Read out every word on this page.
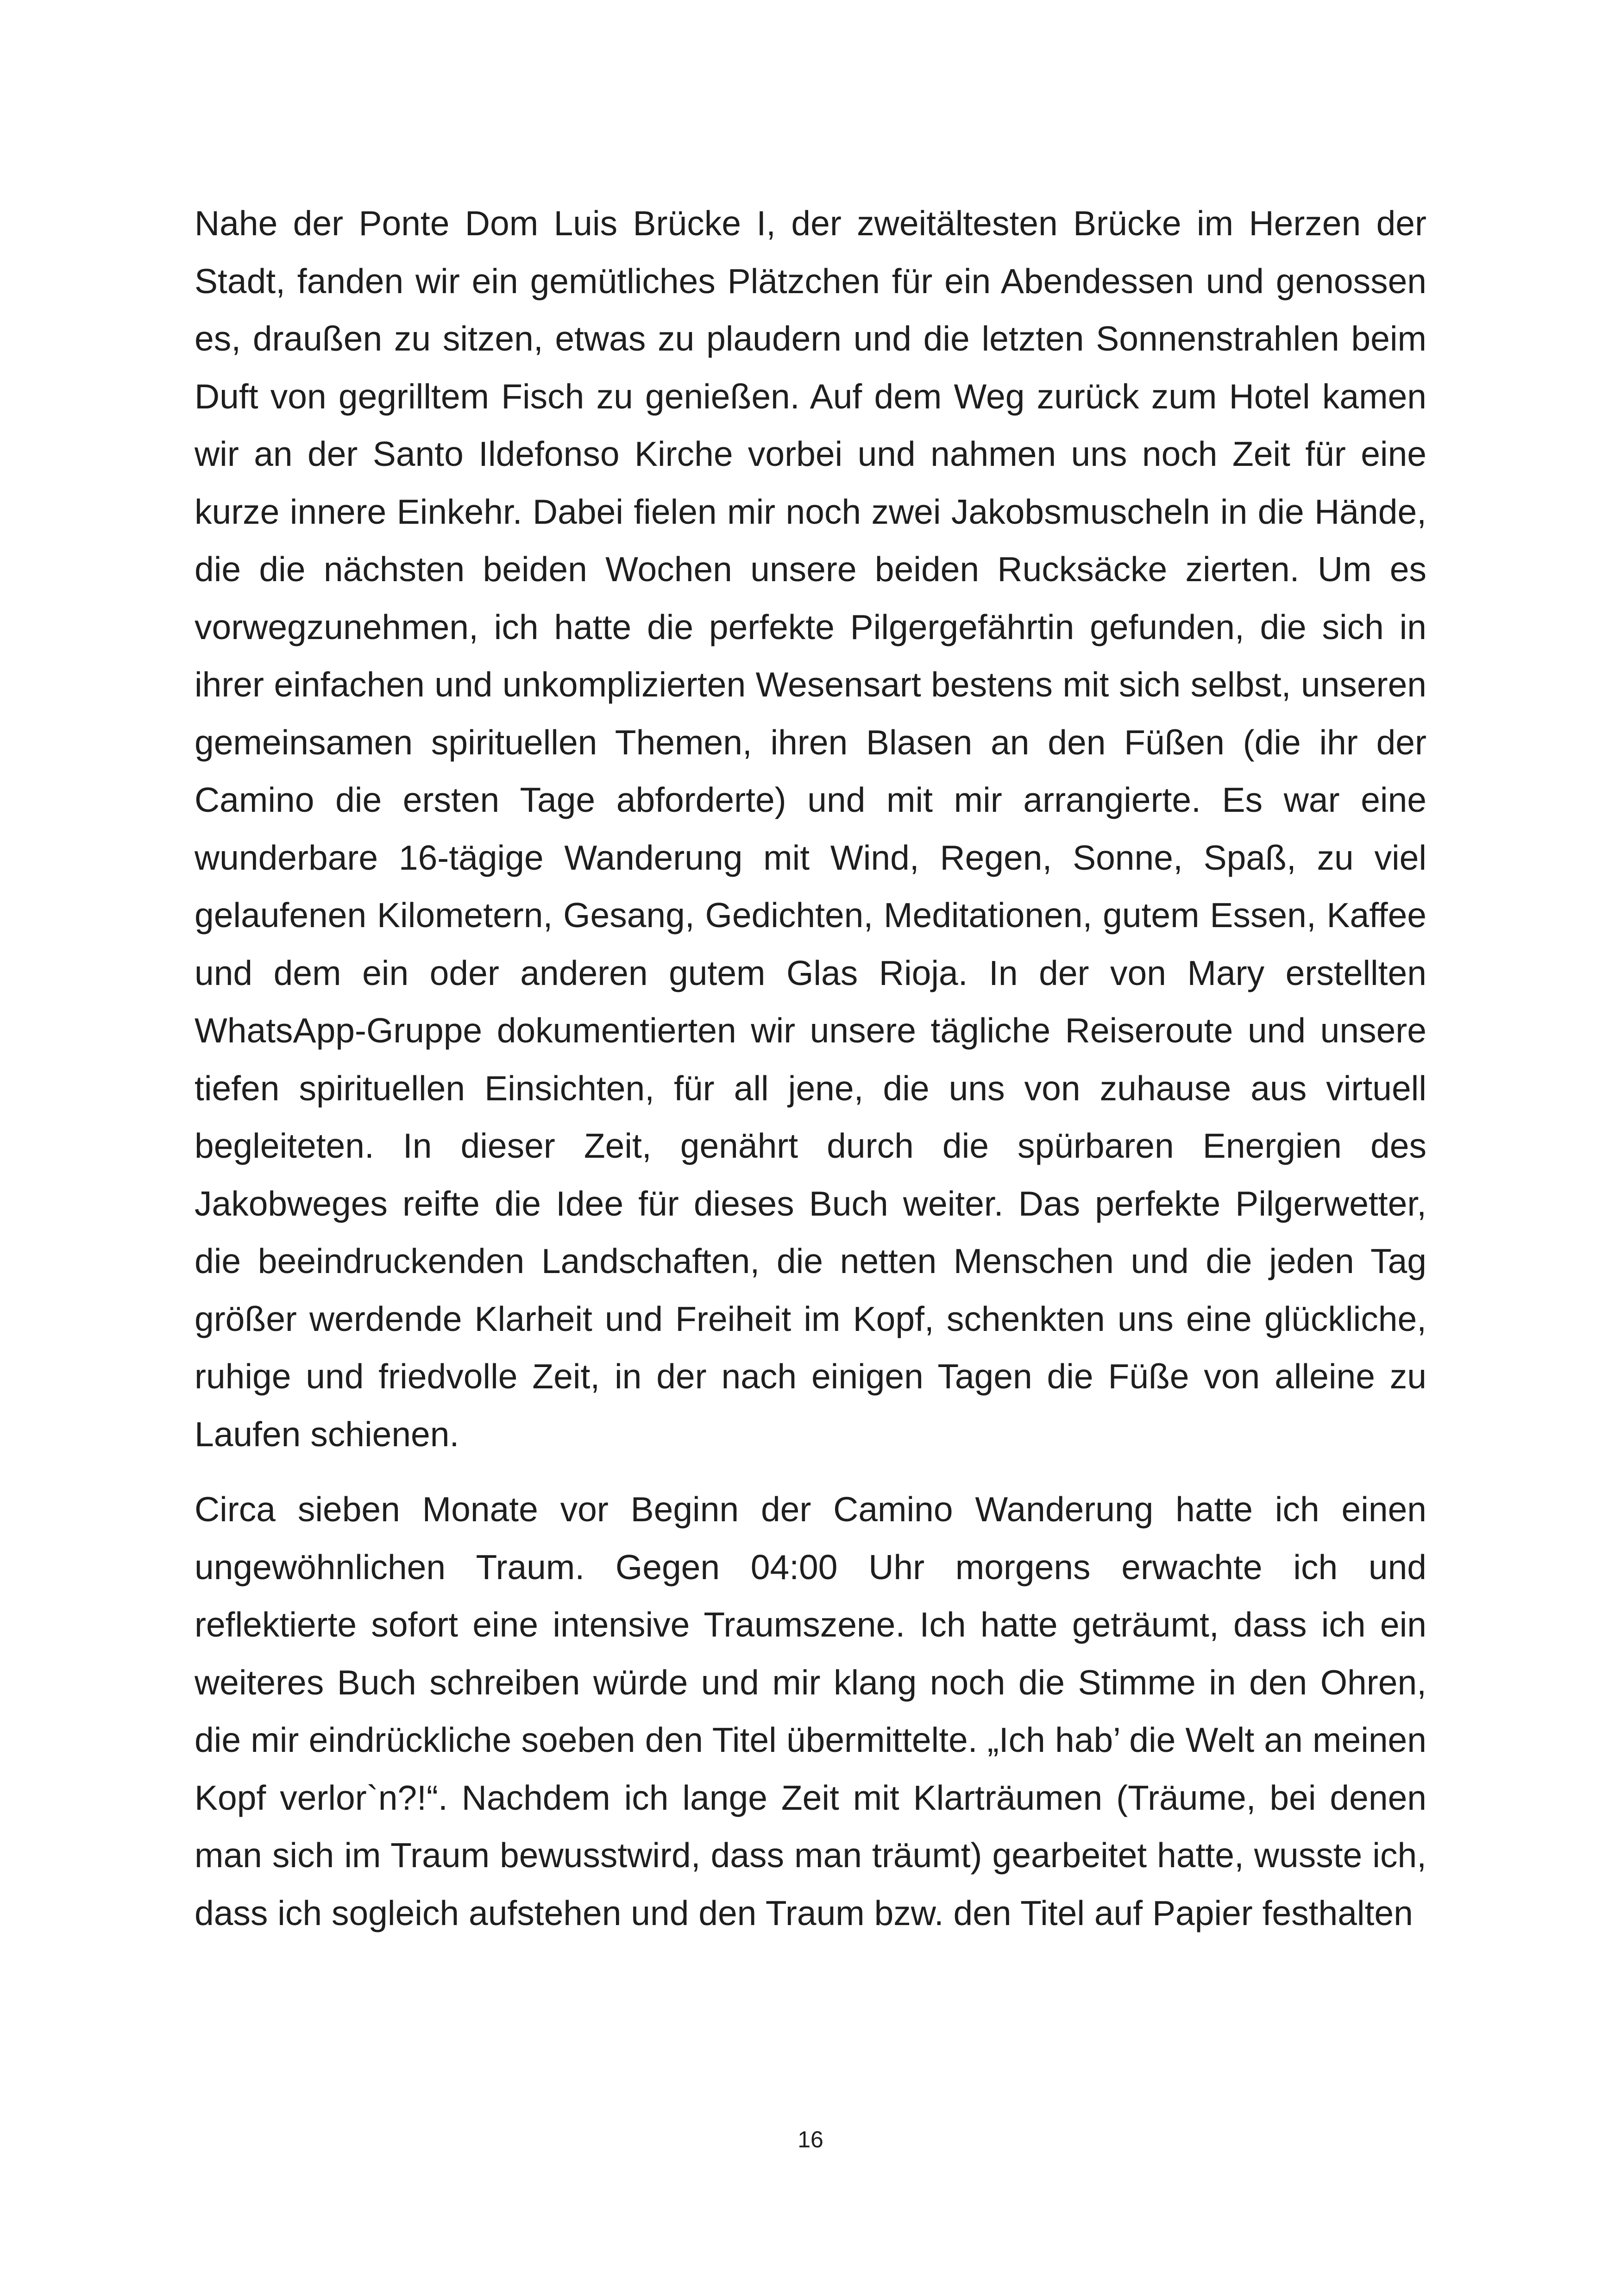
Nahe der Ponte Dom Luis Brücke I, der zweitältesten Brücke im Herzen der Stadt, fanden wir ein gemütliches Plätzchen für ein Abendessen und genossen es, draußen zu sitzen, etwas zu plaudern und die letzten Sonnenstrahlen beim Duft von gegrilltem Fisch zu genießen. Auf dem Weg zurück zum Hotel kamen wir an der Santo Ildefonso Kirche vorbei und nahmen uns noch Zeit für eine kurze innere Einkehr. Dabei fielen mir noch zwei Jakobsmuscheln in die Hände, die die nächsten beiden Wochen unsere beiden Rucksäcke zierten. Um es vorwegzunehmen, ich hatte die perfekte Pilgergefährtin gefunden, die sich in ihrer einfachen und unkomplizierten Wesensart bestens mit sich selbst, unseren gemeinsamen spirituellen Themen, ihren Blasen an den Füßen (die ihr der Camino die ersten Tage abforderte) und mit mir arrangierte. Es war eine wunderbare 16-tägige Wanderung mit Wind, Regen, Sonne, Spaß, zu viel gelaufenen Kilometern, Gesang, Gedichten, Meditationen, gutem Essen, Kaffee und dem ein oder anderen gutem Glas Rioja. In der von Mary erstellten WhatsApp-Gruppe dokumentierten wir unsere tägliche Reiseroute und unsere tiefen spirituellen Einsichten, für all jene, die uns von zuhause aus virtuell begleiteten. In dieser Zeit, genährt durch die spürbaren Energien des Jakobweges reifte die Idee für dieses Buch weiter. Das perfekte Pilgerwetter, die beeindruckenden Landschaften, die netten Menschen und die jeden Tag größer werdende Klarheit und Freiheit im Kopf, schenkten uns eine glückliche, ruhige und friedvolle Zeit, in der nach einigen Tagen die Füße von alleine zu Laufen schienen.

Circa sieben Monate vor Beginn der Camino Wanderung hatte ich einen ungewöhnlichen Traum. Gegen 04:00 Uhr morgens erwachte ich und reflektierte sofort eine intensive Traumszene. Ich hatte geträumt, dass ich ein weiteres Buch schreiben würde und mir klang noch die Stimme in den Ohren, die mir eindrückliche soeben den Titel übermittelte. „Ich hab’ die Welt an meinen Kopf verlor`n?!“. Nachdem ich lange Zeit mit Klarträumen (Träume, bei denen man sich im Traum bewusstwird, dass man träumt) gearbeitet hatte, wusste ich, dass ich sogleich aufstehen und den Traum bzw. den Titel auf Papier festhalten

16
